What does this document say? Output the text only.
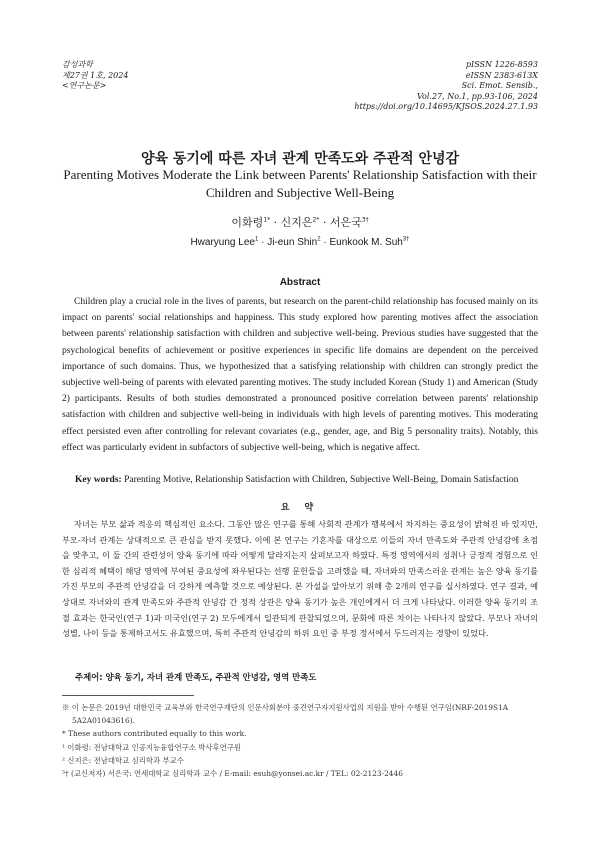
감성과학
제27권 1호, 2024
<연구논문>
pISSN 1226-8593
eISSN 2383-613X
Sci. Emot. Sensib.,
Vol.27, No.1, pp.93-106, 2024
https://doi.org/10.14695/KJSOS.2024.27.1.93
양육 동기에 따른 자녀 관계 만족도와 주관적 안녕감
Parenting Motives Moderate the Link between Parents' Relationship Satisfaction with their Children and Subjective Well-Being
이화령$^{1*}$ · 신지은$^{2*}$ · 서은국$^{3\dagger}$
Hwaryung Lee$^1$ · Ji-eun Shin$^2$ · Eunkook M. Suh$^{3\dagger}$
Abstract

Children play a crucial role in the lives of parents, but research on the parent-child relationship has focused mainly on its impact on parents' social relationships and happiness. This study explored how parenting motives affect the association between parents' relationship satisfaction with children and subjective well-being. Previous studies have suggested that the psychological benefits of achievement or positive experiences in specific life domains are dependent on the perceived importance of such domains. Thus, we hypothesized that a satisfying relationship with children can strongly predict the subjective well-being of parents with elevated parenting motives. The study included Korean (Study 1) and American (Study 2) participants. Results of both studies demonstrated a pronounced positive correlation between parents' relationship satisfaction with children and subjective well-being in individuals with high levels of parenting motives. This moderating effect persisted even after controlling for relevant covariates (e.g., gender, age, and Big 5 personality traits). Notably, this effect was particularly evident in subfactors of subjective well-being, which is negative affect.

Key words: Parenting Motive, Relationship Satisfaction with Children, Subjective Well-Being, Domain Satisfaction
요 약

자녀는 부모 삶과 적응의 핵심적인 요소다. 그동안 많은 연구를 통해 사회적 관계가 행복에서 차지하는 중요성이 밝혀진 바 있지만, 부모-자녀 관계는 상대적으로 큰 관심을 받지 못했다. 이에 본 연구는 기혼자를 대상으로 이들의 자녀 만족도와 주관적 안녕감에 초점을 맞추고, 이 둘 간의 관련성이 양육 동기에 따라 어떻게 달라지는지 살펴보고자 하였다. 특정 영역에서의 성취나 긍정적 경험으로 인한 심리적 혜택이 해당 영역에 부여된 중요성에 좌우된다는 선행 문헌들을 고려했을 때, 자녀와의 만족스러운 관계는 높은 양육 동기를 가진 부모의 주관적 안녕감을 더 강하게 예측할 것으로 예상된다. 본 가설을 알아보기 위해 총 2개의 연구를 실시하였다. 연구 결과, 예상대로 자녀와의 관계 만족도와 주관적 안녕감 간 정적 상관은 양육 동기가 높은 개인에게서 더 크게 나타났다. 이러한 양육 동기의 조절 효과는 한국인(연구 1)과 미국인(연구 2) 모두에게서 일관되게 관찰되었으며, 문화에 따른 차이는 나타나지 않았다. 부모나 자녀의 성별, 나이 등을 통제하고서도 유효했으며, 특히 주관적 안녕감의 하위 요인 중 부정 정서에서 두드러지는 경향이 있었다.

주제어: 양육 동기, 자녀 관계 만족도, 주관적 안녕감, 영역 만족도
※ 이 논문은 2019년 대한민국 교육부와 한국연구재단의 인문사회분야 중견연구자지원사업의 지원을 받아 수행된 연구임(NRF-2019S1A
5A2A01043616).
* These authors contributed equally to this work.
¹ 이화령: 전남대학교 인공지능융합연구소 박사후연구원
² 신지은: 전남대학교 심리학과 부교수
³† (교신저자) 서은국: 연세대학교 심리학과 교수 / E-mail: esuh@yonsei.ac.kr / TEL: 02-2123-2446
